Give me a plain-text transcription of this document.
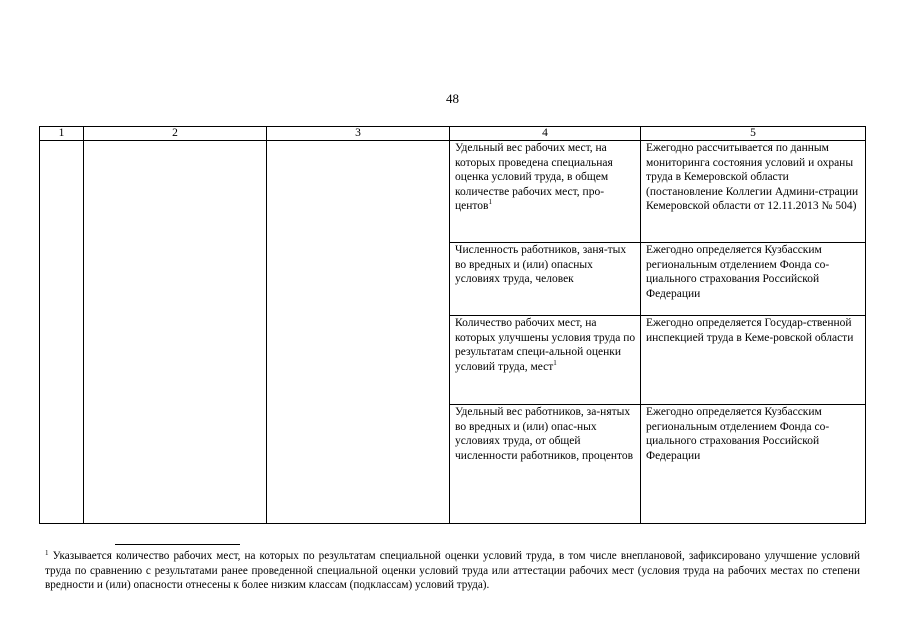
48
1	2	3	4	5
			Удельный вес рабочих мест, на которых проведена специальная оценка условий труда, в общем количестве рабочих мест, про-центов$^1$	Ежегодно рассчитывается по данным мониторинга состояния условий и охраны труда в Кемеровской области (постановление Коллегии Админи-страции Кемеровской области от 12.11.2013 № 504)

			Численность работников, заня-тых во вредных и (или) опасных условиях труда, человек	Ежегодно определяется Кузбасским региональным отделением Фонда со-циального страхования Российской Федерации

			Количество рабочих мест, на которых улучшены условия труда по результатам специ-альной оценки условий труда, мест$^1$	Ежегодно определяется Государ-ственной инспекцией труда в Кеме-ровской области

			Удельный вес работников, за-нятых во вредных и (или) опас-ных условиях труда, от общей численности работников, процентов	Ежегодно определяется Кузбасским региональным отделением Фонда со-циального страхования Российской Федерации
$^1$ Указывается количество рабочих мест, на которых по результатам специальной оценки условий труда, в том числе внеплановой, зафиксировано улучшение условий труда по сравнению с результатами ранее проведенной специальной оценки условий труда или аттестации рабочих мест (условия труда на рабочих местах по степени вредности и (или) опасности отнесены к более низким классам (подклассам) условий труда).
